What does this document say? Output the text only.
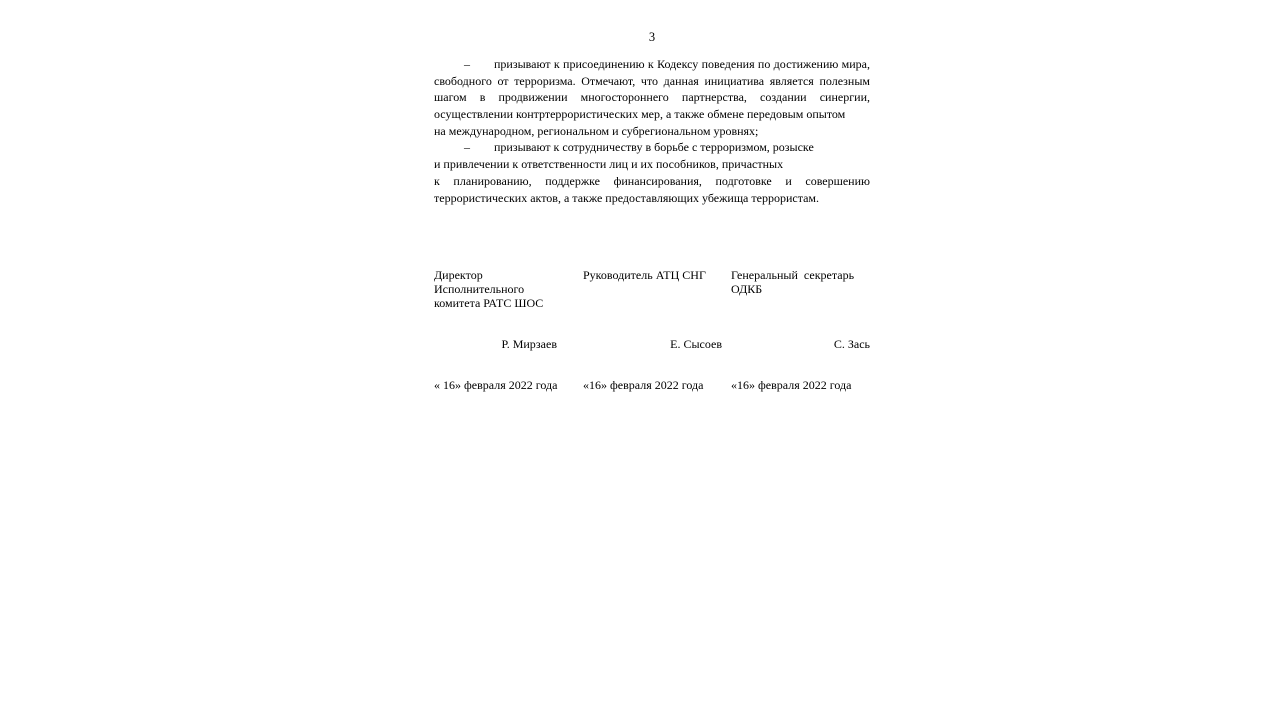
3
– призывают к присоединению к Кодексу поведения по достижению мира,
свободного от терроризма. Отмечают, что данная инициатива является полезным
шагом в продвижении многостороннего партнерства, создании синергии,
осуществлении контртеррористических мер, а также обмене передовым опытом
на международном, региональном и субрегиональном уровнях;
– призывают к сотрудничеству в борьбе с терроризмом, розыске
и привлечении к ответственности лиц и их пособников, причастных
к планированию, поддержке финансирования, подготовке и совершению
террористических актов, а также предоставляющих убежища террористам.
Директор
Исполнительного
комитета РАТС ШОС
Р. Мирзаев
« 16» февраля 2022 года
Руководитель АТЦ СНГ
Е. Сысоев
«16» февраля 2022 года
Генеральный  секретарь
ОДКБ
С. Зась
«16» февраля 2022 года
